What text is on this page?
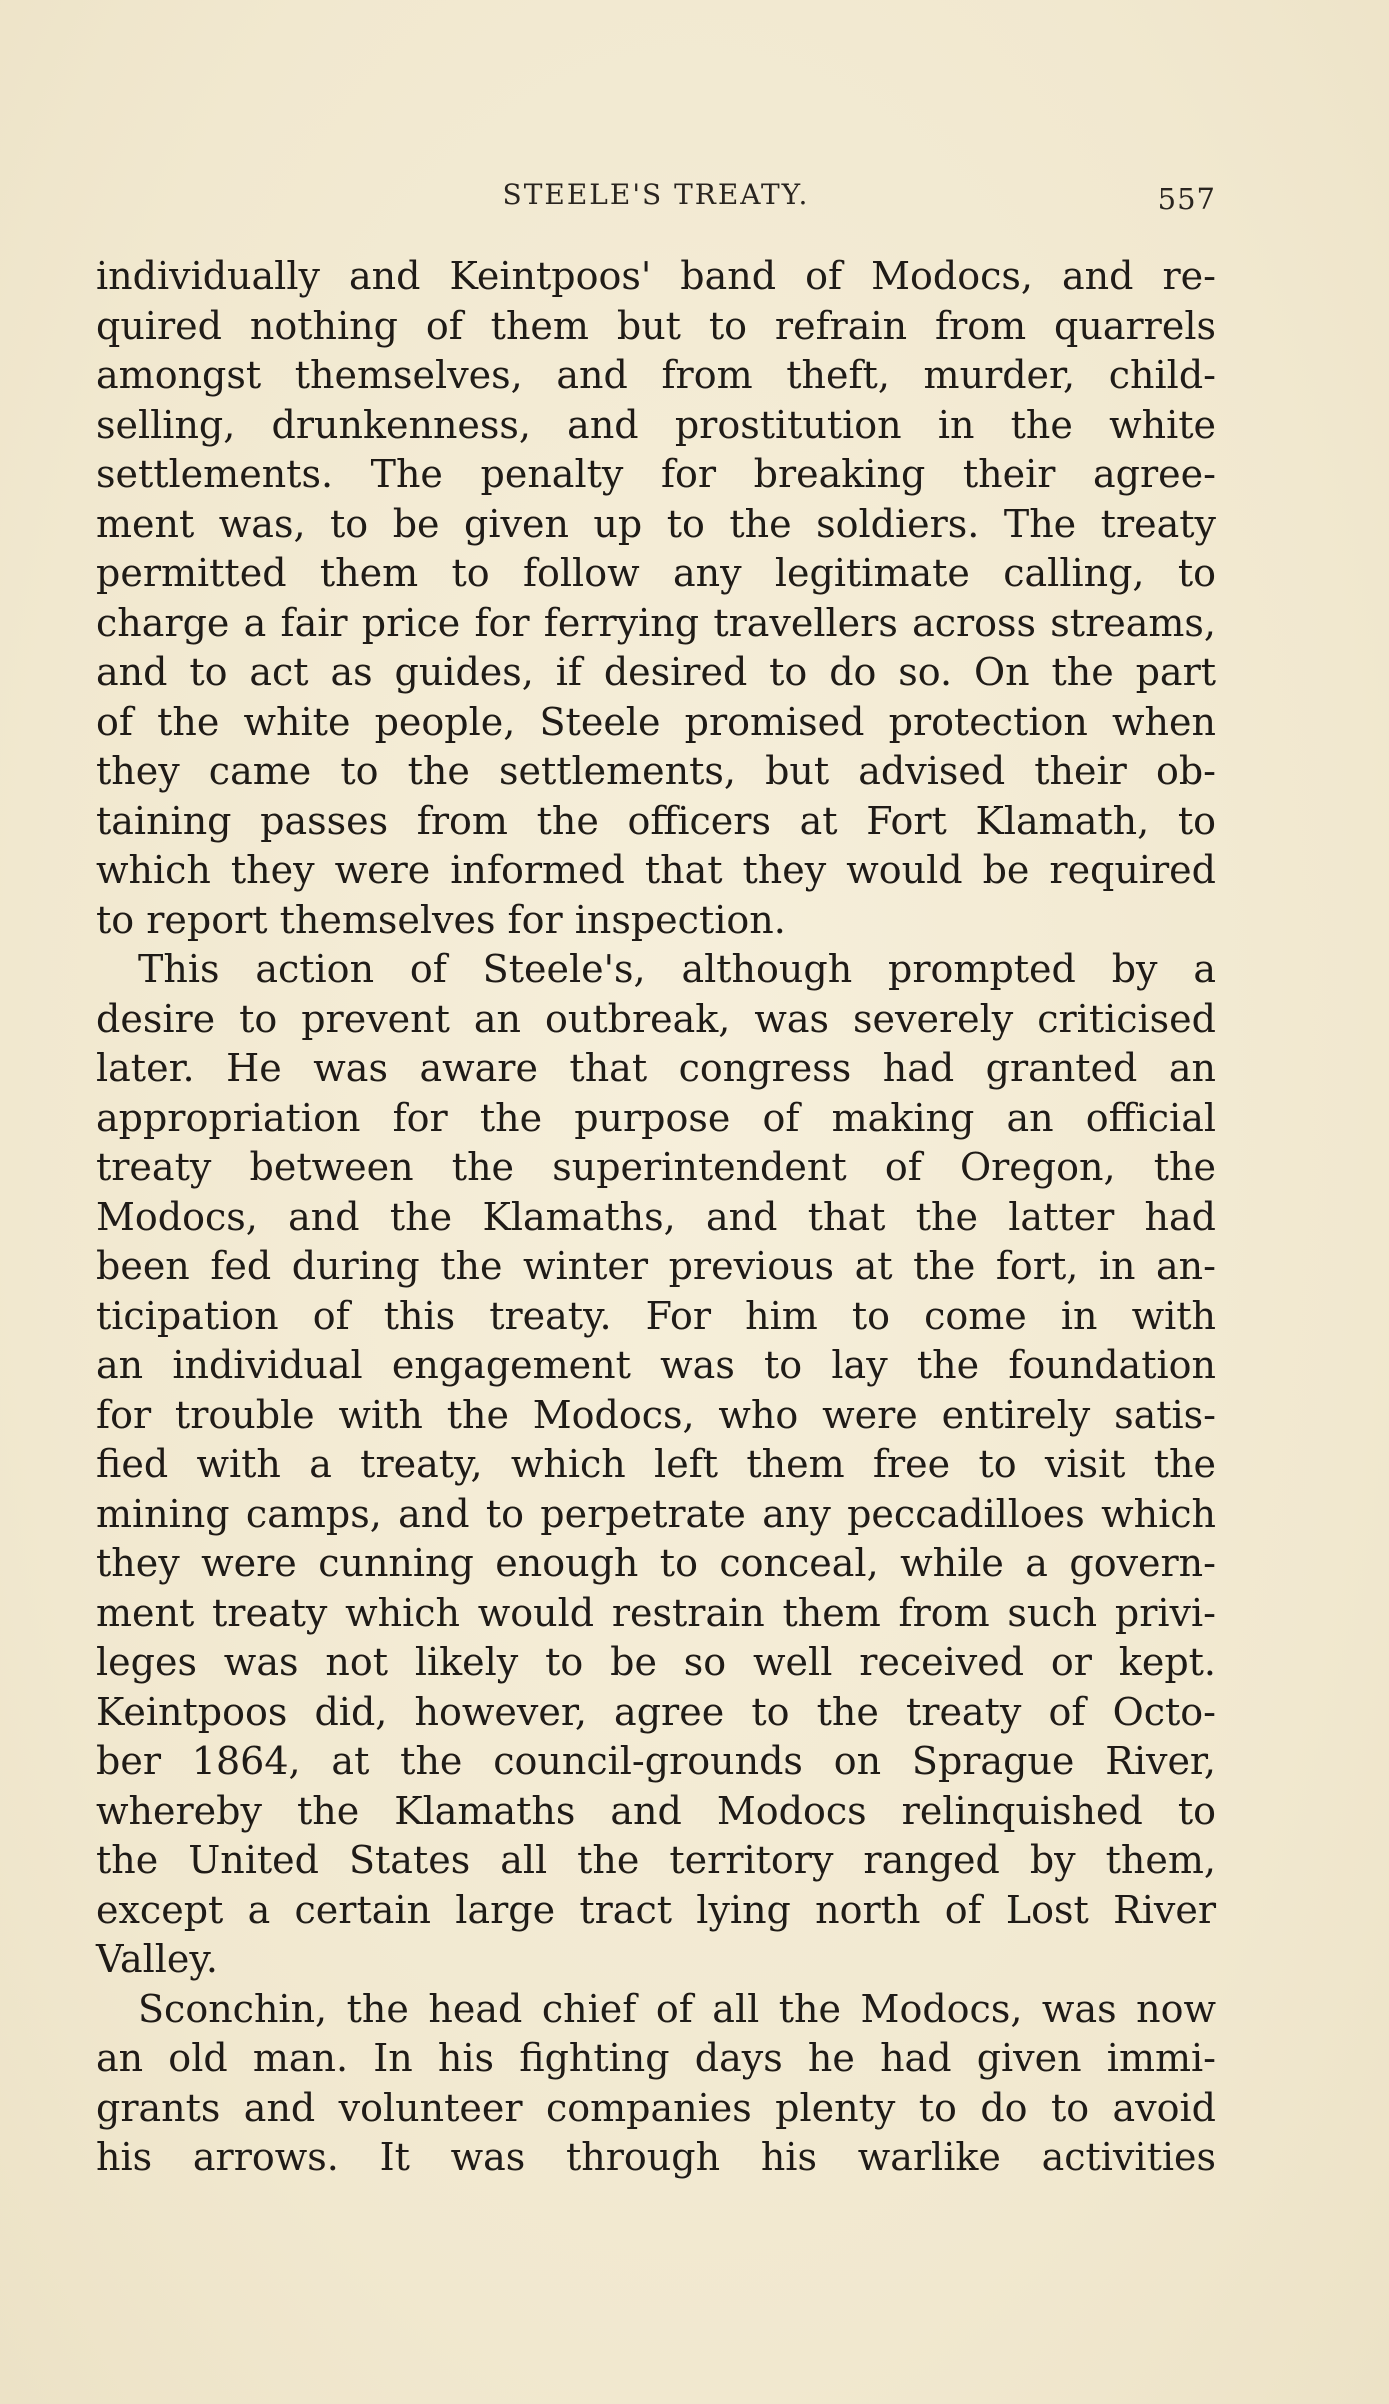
STEELE'S TREATY.	557
individually and Keintpoos' band of Modocs, and re-
quired nothing of them but to refrain from quarrels
amongst themselves, and from theft, murder, child-
selling, drunkenness, and prostitution in the white
settlements. The penalty for breaking their agree-
ment was, to be given up to the soldiers. The treaty
permitted them to follow any legitimate calling, to
charge a fair price for ferrying travellers across streams,
and to act as guides, if desired to do so. On the part
of the white people, Steele promised protection when
they came to the settlements, but advised their ob-
taining passes from the officers at Fort Klamath, to
which they were informed that they would be required
to report themselves for inspection.
This action of Steele's, although prompted by a
desire to prevent an outbreak, was severely criticised
later. He was aware that congress had granted an
appropriation for the purpose of making an official
treaty between the superintendent of Oregon, the
Modocs, and the Klamaths, and that the latter had
been fed during the winter previous at the fort, in an-
ticipation of this treaty. For him to come in with
an individual engagement was to lay the foundation
for trouble with the Modocs, who were entirely satis-
fied with a treaty, which left them free to visit the
mining camps, and to perpetrate any peccadilloes which
they were cunning enough to conceal, while a govern-
ment treaty which would restrain them from such privi-
leges was not likely to be so well received or kept.
Keintpoos did, however, agree to the treaty of Octo-
ber 1864, at the council-grounds on Sprague River,
whereby the Klamaths and Modocs relinquished to
the United States all the territory ranged by them,
except a certain large tract lying north of Lost River
Valley.
Sconchin, the head chief of all the Modocs, was now
an old man. In his fighting days he had given immi-
grants and volunteer companies plenty to do to avoid
his arrows. It was through his warlike activities
